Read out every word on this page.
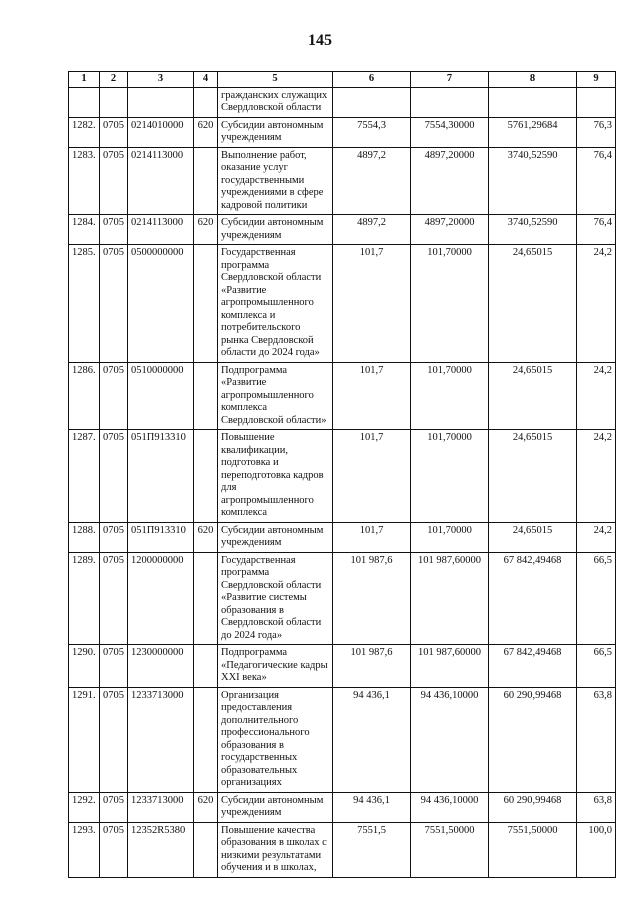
145
1	2	3	4	5	6	7	8	9
				гражданских служащих Свердловской области				
1282.	0705	0214010000	620	Субсидии автономным учреждениям	7554,3	7554,30000	5761,29684	76,3
1283.	0705	0214113000		Выполнение работ, оказание услуг государственными учреждениями в сфере кадровой политики	4897,2	4897,20000	3740,52590	76,4
1284.	0705	0214113000	620	Субсидии автономным учреждениям	4897,2	4897,20000	3740,52590	76,4
1285.	0705	0500000000		Государственная программа Свердловской области «Развитие агропромышленного комплекса и потребительского рынка Свердловской области до 2024 года»	101,7	101,70000	24,65015	24,2
1286.	0705	0510000000		Подпрограмма «Развитие агропромышленного комплекса Свердловской области»	101,7	101,70000	24,65015	24,2
1287.	0705	051П913310		Повышение квалификации, подготовка и переподготовка кадров для агропромышленного комплекса	101,7	101,70000	24,65015	24,2
1288.	0705	051П913310	620	Субсидии автономным учреждениям	101,7	101,70000	24,65015	24,2
1289.	0705	1200000000		Государственная программа Свердловской области «Развитие системы образования в Свердловской области до 2024 года»	101 987,6	101 987,60000	67 842,49468	66,5
1290.	0705	1230000000		Подпрограмма «Педагогические кадры XXI века»	101 987,6	101 987,60000	67 842,49468	66,5
1291.	0705	1233713000		Организация предоставления дополнительного профессионального образования в государственных образовательных организациях	94 436,1	94 436,10000	60 290,99468	63,8
1292.	0705	1233713000	620	Субсидии автономным учреждениям	94 436,1	94 436,10000	60 290,99468	63,8
1293.	0705	12352R5380		Повышение качества образования в школах с низкими результатами обучения и в школах,	7551,5	7551,50000	7551,50000	100,0
